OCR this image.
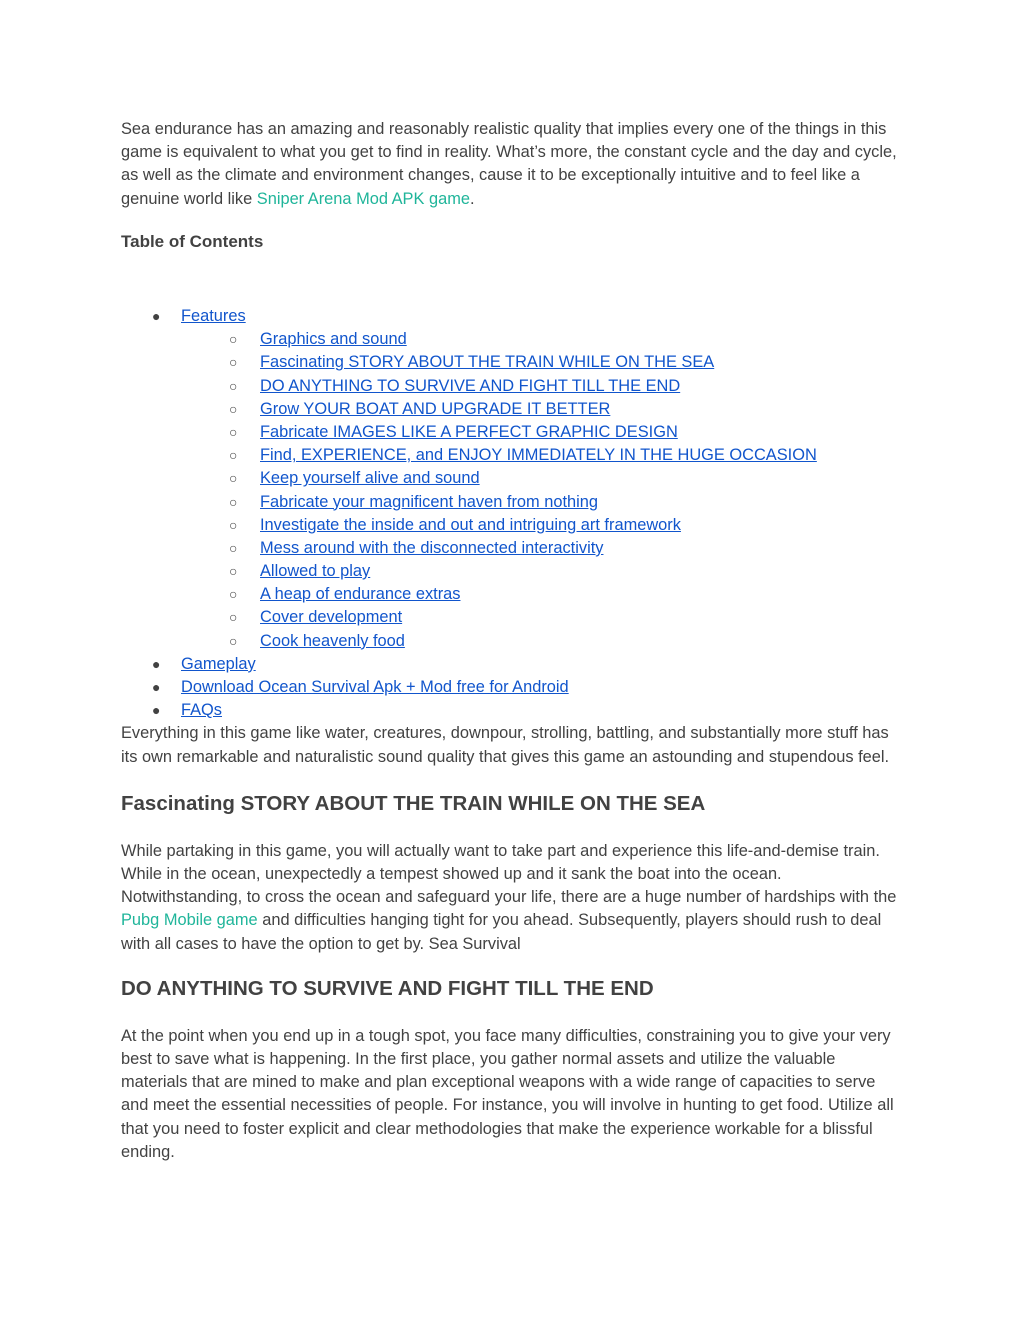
Sea endurance has an amazing and reasonably realistic quality that implies every one of the things in this game is equivalent to what you get to find in reality. What’s more, the constant cycle and the day and cycle, as well as the climate and environment changes, cause it to be exceptionally intuitive and to feel like a genuine world like Sniper Arena Mod APK game.

Table of Contents

● Features
○ Graphics and sound
○ Fascinating STORY ABOUT THE TRAIN WHILE ON THE SEA
○ DO ANYTHING TO SURVIVE AND FIGHT TILL THE END
○ Grow YOUR BOAT AND UPGRADE IT BETTER
○ Fabricate IMAGES LIKE A PERFECT GRAPHIC DESIGN
○ Find, EXPERIENCE, and ENJOY IMMEDIATELY IN THE HUGE OCCASION
○ Keep yourself alive and sound
○ Fabricate your magnificent haven from nothing
○ Investigate the inside and out and intriguing art framework
○ Mess around with the disconnected interactivity
○ Allowed to play
○ A heap of endurance extras
○ Cover development
○ Cook heavenly food
● Gameplay
● Download Ocean Survival Apk + Mod free for Android
● FAQs

Everything in this game like water, creatures, downpour, strolling, battling, and substantially more stuff has its own remarkable and naturalistic sound quality that gives this game an astounding and stupendous feel.

Fascinating STORY ABOUT THE TRAIN WHILE ON THE SEA

While partaking in this game, you will actually want to take part and experience this life-and-demise train. While in the ocean, unexpectedly a tempest showed up and it sank the boat into the ocean. Notwithstanding, to cross the ocean and safeguard your life, there are a huge number of hardships with the Pubg Mobile game and difficulties hanging tight for you ahead. Subsequently, players should rush to deal with all cases to have the option to get by. Sea Survival

DO ANYTHING TO SURVIVE AND FIGHT TILL THE END

At the point when you end up in a tough spot, you face many difficulties, constraining you to give your very best to save what is happening. In the first place, you gather normal assets and utilize the valuable materials that are mined to make and plan exceptional weapons with a wide range of capacities to serve and meet the essential necessities of people. For instance, you will involve in hunting to get food. Utilize all that you need to foster explicit and clear methodologies that make the experience workable for a blissful ending.
